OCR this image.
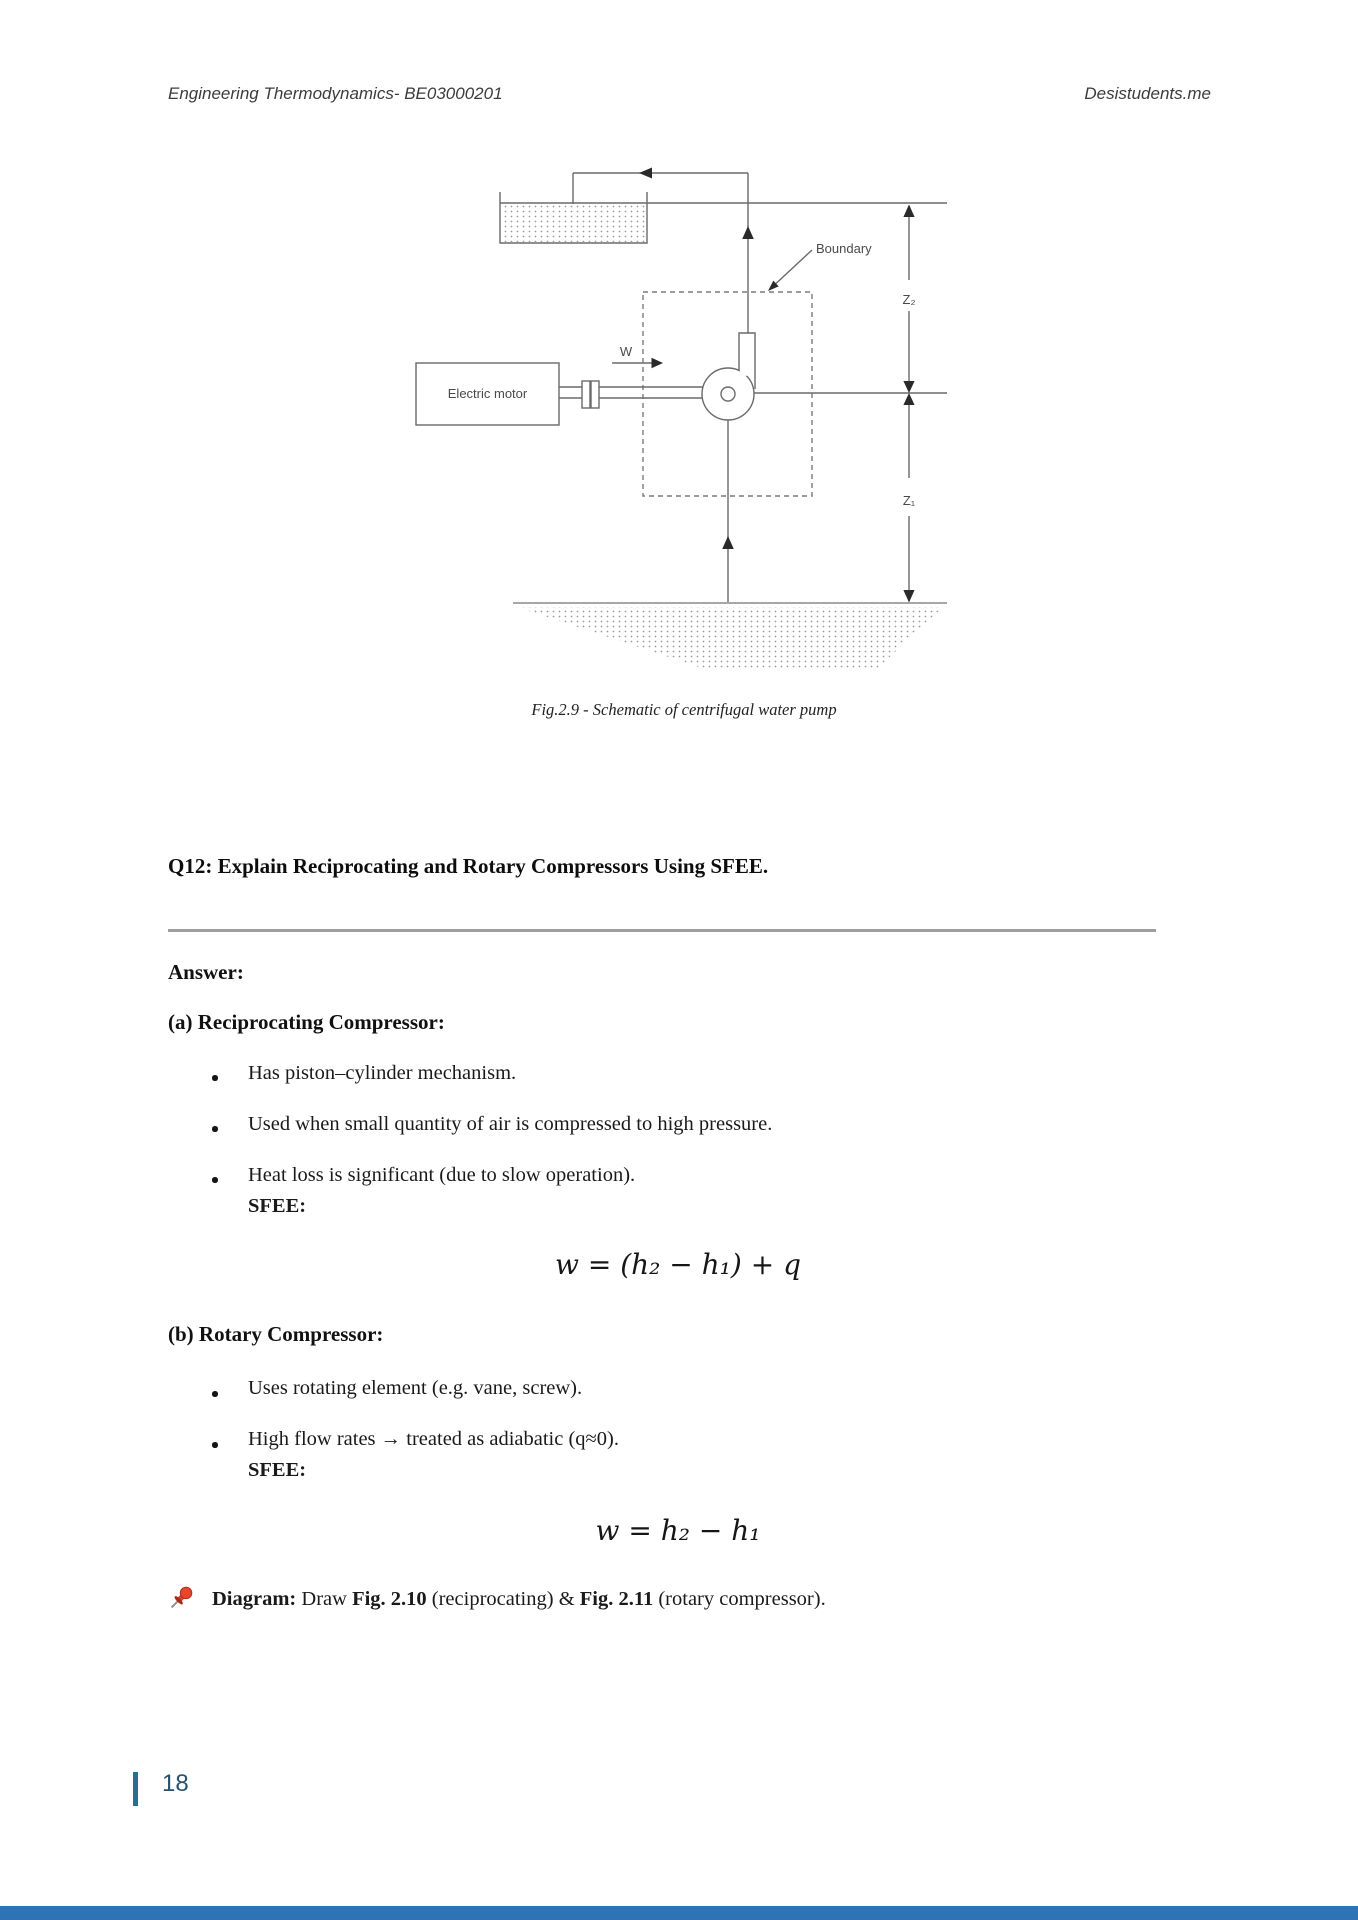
Engineering Thermodynamics- BE03000201	Desistudents.me
Boundary
W
Electric motor
Z₂
Z₁
Fig.2.9 - Schematic of centrifugal water pump
Q12: Explain Reciprocating and Rotary Compressors Using SFEE.
Answer:
(a) Reciprocating Compressor:
Has piston–cylinder mechanism.
Used when small quantity of air is compressed to high pressure.
Heat loss is significant (due to slow operation).
SFEE:
w = (h₂ − h₁) + q
(b) Rotary Compressor:
Uses rotating element (e.g. vane, screw).
High flow rates → treated as adiabatic (q≈0).
SFEE:
w = h₂ − h₁
Diagram: Draw Fig. 2.10 (reciprocating) & Fig. 2.11 (rotary compressor).
18
